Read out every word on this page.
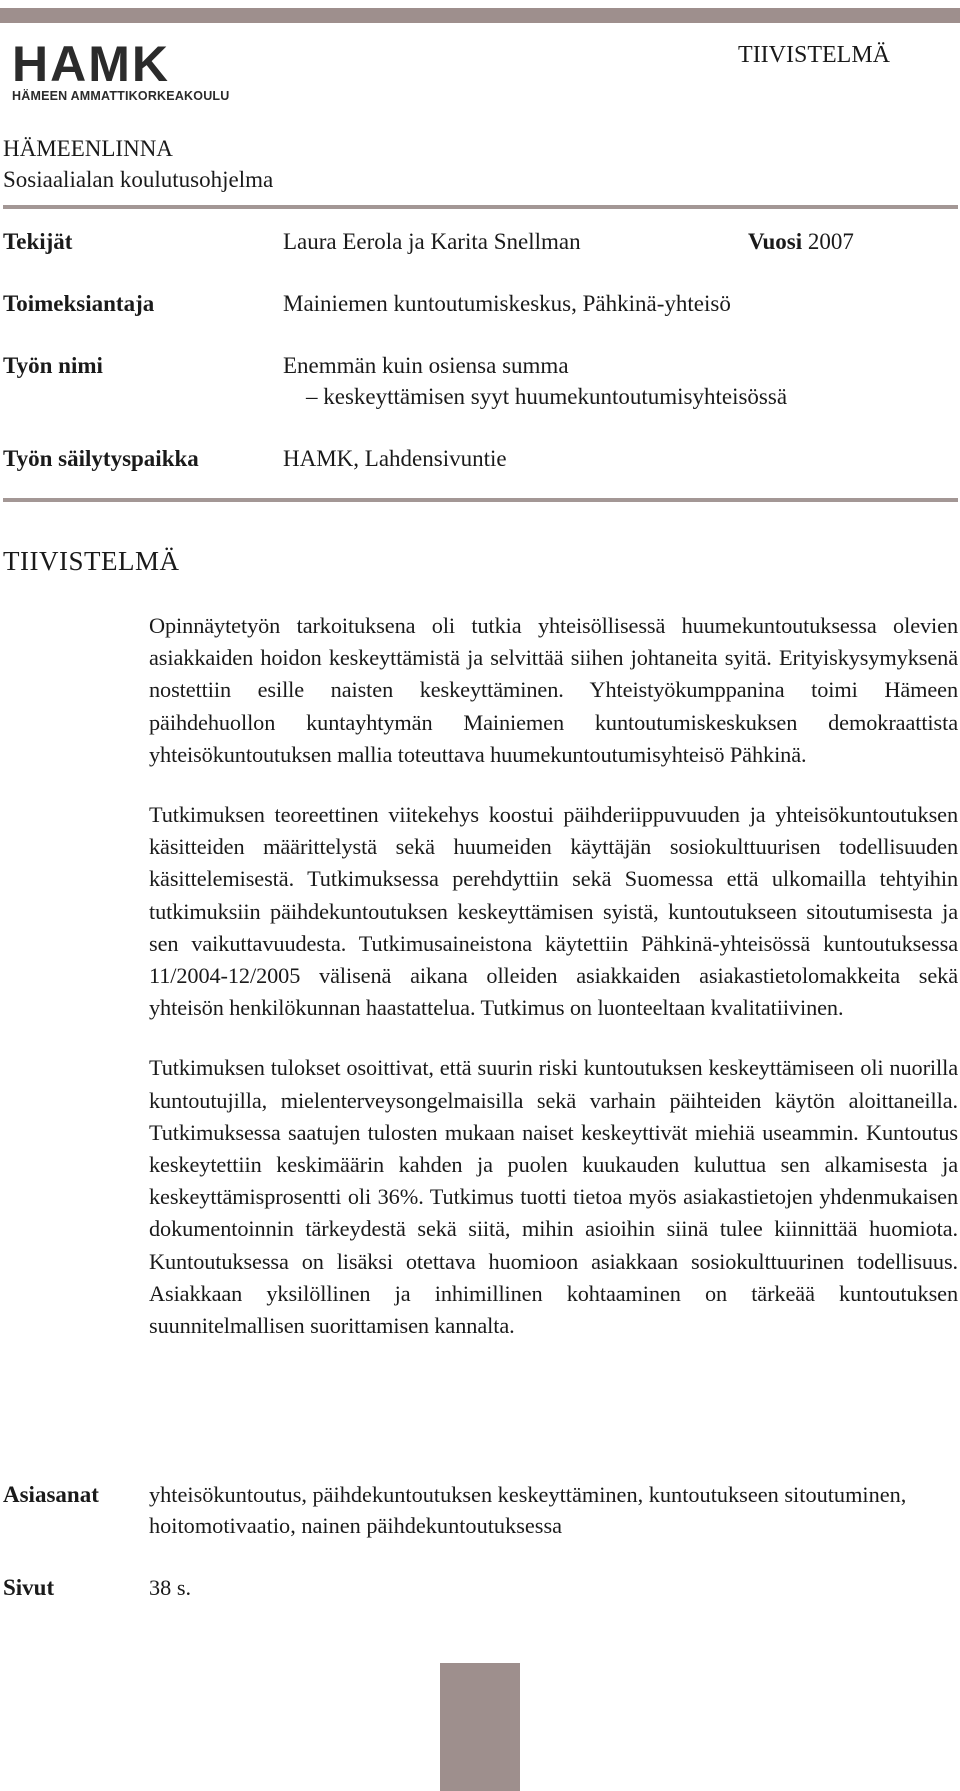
HAMK
HÄMEEN AMMATTIKORKEAKOULU
TIIVISTELMÄ
HÄMEENLINNA
Sosiaalialan koulutusohjelma
Tekijät	Laura Eerola ja Karita Snellman	Vuosi 2007
Toimeksiantaja	Mainiemen kuntoutumiskeskus, Pähkinä-yhteisö
Työn nimi	Enemmän kuin osiensa summa
– keskeyttämisen syyt huumekuntoutumisyhteisössä
Työn säilytyspaikka	HAMK, Lahdensivuntie
TIIVISTELMÄ

Opinnäytetyön tarkoituksena oli tutkia yhteisöllisessä huumekuntoutuksessa olevien asiakkaiden hoidon keskeyttämistä ja selvittää siihen johtaneita syitä. Erityiskysymyksenä nostettiin esille naisten keskeyttäminen. Yhteistyökumppanina toimi Hämeen päihdehuollon kuntayhtymän Mainiemen kuntoutumiskeskuksen demokraattista yhteisökuntoutuksen mallia toteuttava huumekuntoutumisyhteisö Pähkinä.

Tutkimuksen teoreettinen viitekehys koostui päihderiippuvuuden ja yhteisökuntoutuksen käsitteiden määrittelystä sekä huumeiden käyttäjän sosiokulttuurisen todellisuuden käsittelemisestä. Tutkimuksessa perehdyttiin sekä Suomessa että ulkomailla tehtyihin tutkimuksiin päihdekuntoutuksen keskeyttämisen syistä, kuntoutukseen sitoutumisesta ja sen vaikuttavuudesta. Tutkimusaineistona käytettiin Pähkinä-yhteisössä kuntoutuksessa 11/2004-12/2005 välisenä aikana olleiden asiakkaiden asiakastietolomakkeita sekä yhteisön henkilökunnan haastattelua. Tutkimus on luonteeltaan kvalitatiivinen.

Tutkimuksen tulokset osoittivat, että suurin riski kuntoutuksen keskeyttämiseen oli nuorilla kuntoutujilla, mielenterveysongelmaisilla sekä varhain päihteiden käytön aloittaneilla. Tutkimuksessa saatujen tulosten mukaan naiset keskeyttivät miehiä useammin. Kuntoutus keskeytettiin keskimäärin kahden ja puolen kuukauden kuluttua sen alkamisesta ja keskeyttämisprosentti oli 36%. Tutkimus tuotti tietoa myös asiakastietojen yhdenmukaisen dokumentoinnin tärkeydestä sekä siitä, mihin asioihin siinä tulee kiinnittää huomiota. Kuntoutuksessa on lisäksi otettava huomioon asiakkaan sosiokulttuurinen todellisuus. Asiakkaan yksilöllinen ja inhimillinen kohtaaminen on tärkeää kuntoutuksen suunnitelmallisen suorittamisen kannalta.

Asiasanat yhteisökuntoutus, päihdekuntoutuksen keskeyttäminen, kuntoutukseen sitoutuminen, hoitomotivaatio, nainen päihdekuntoutuksessa
Sivut	38 s.
